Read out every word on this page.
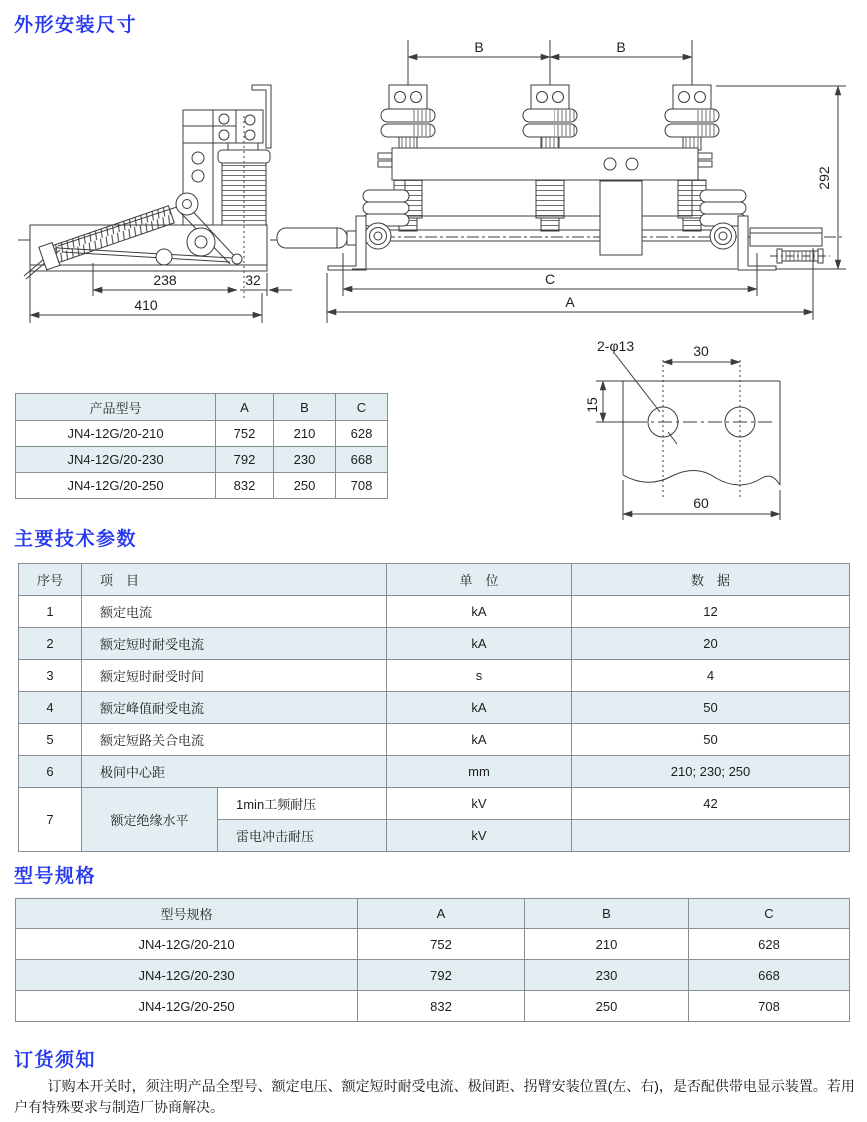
外形安装尺寸
238	32
410
B	B
292
C
A
2-φ13	30
15
60
产品型号	A	B	C
JN4-12G/20-210	752	210	628
JN4-12G/20-230	792	230	668
JN4-12G/20-250	832	250	708
主要技术参数
序号	项　目		单　位	数　据
1	额定电流		kA	12
2	额定短时耐受电流		kA	20
3	额定短时耐受时间		s	4
4	额定峰值耐受电流		kA	50
5	额定短路关合电流		kA	50
6	极间中心距		mm	210; 230; 250
7	额定绝缘水平	1min工频耐压	kV	42
		雷电冲击耐压	kV	
型号规格
型号规格	A	B	C
JN4-12G/20-210	752	210	628
JN4-12G/20-230	792	230	668
JN4-12G/20-250	832	250	708
订货须知

订购本开关时，须注明产品全型号、额定电压、额定短时耐受电流、极间距、拐臂安装位置(左、右)，是否配供带电显示装置。若用户有特殊要求与制造厂协商解决。
